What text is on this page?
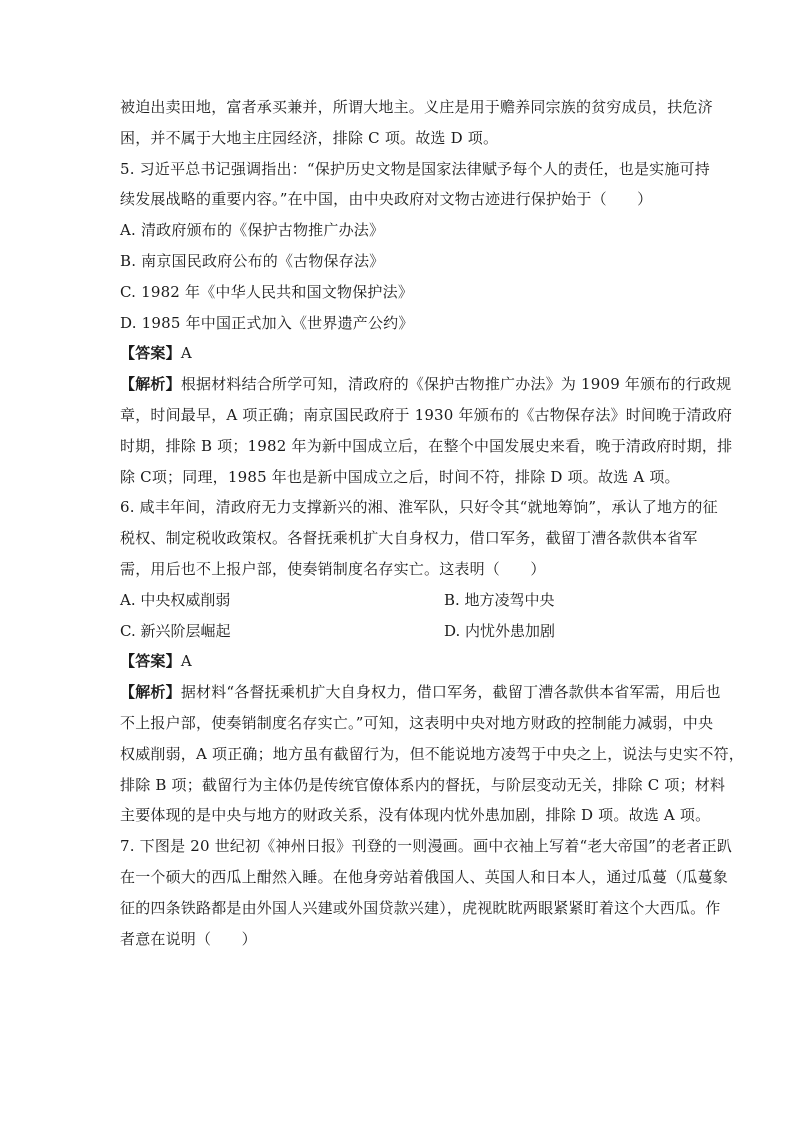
被迫出卖田地，富者承买兼并，所谓大地主。义庄是用于赡养同宗族的贫穷成员，扶危济
困，并不属于大地主庄园经济，排除 C 项。故选 D 项。
5. 习近平总书记强调指出：“保护历史文物是国家法律赋予每个人的责任，也是实施可持
续发展战略的重要内容。”在中国，由中央政府对文物古迹进行保护始于（　　）
A. 清政府颁布的《保护古物推广办法》
B. 南京国民政府公布的《古物保存法》
C. 1982 年《中华人民共和国文物保护法》
D. 1985 年中国正式加入《世界遗产公约》
【答案】A
【解析】根据材料结合所学可知，清政府的《保护古物推广办法》为 1909 年颁布的行政规
章，时间最早，A 项正确；南京国民政府于 1930 年颁布的《古物保存法》时间晚于清政府
时期，排除 B 项；1982 年为新中国成立后，在整个中国发展史来看，晚于清政府时期，排
除 C项；同理，1985 年也是新中国成立之后，时间不符，排除 D 项。故选 A 项。
6. 咸丰年间，清政府无力支撑新兴的湘、淮军队，只好令其“就地筹饷”，承认了地方的征
税权、制定税收政策权。各督抚乘机扩大自身权力，借口军务，截留丁漕各款供本省军
需，用后也不上报户部，使奏销制度名存实亡。这表明（　　）
A. 中央权威削弱	B. 地方凌驾中央
C. 新兴阶层崛起	D. 内忧外患加剧
【答案】A
【解析】据材料“各督抚乘机扩大自身权力，借口军务，截留丁漕各款供本省军需，用后也
不上报户部，使奏销制度名存实亡。”可知，这表明中央对地方财政的控制能力减弱，中央
权威削弱，A 项正确；地方虽有截留行为，但不能说地方凌驾于中央之上，说法与史实不符，
排除 B 项；截留行为主体仍是传统官僚体系内的督抚，与阶层变动无关，排除 C 项；材料
主要体现的是中央与地方的财政关系，没有体现内忧外患加剧，排除 D 项。故选 A 项。
7. 下图是 20 世纪初《神州日报》刊登的一则漫画。画中衣袖上写着“老大帝国”的老者正趴
在一个硕大的西瓜上酣然入睡。在他身旁站着俄国人、英国人和日本人，通过瓜蔓（瓜蔓象
征的四条铁路都是由外国人兴建或外国贷款兴建），虎视眈眈两眼紧紧盯着这个大西瓜。作
者意在说明（　　）
